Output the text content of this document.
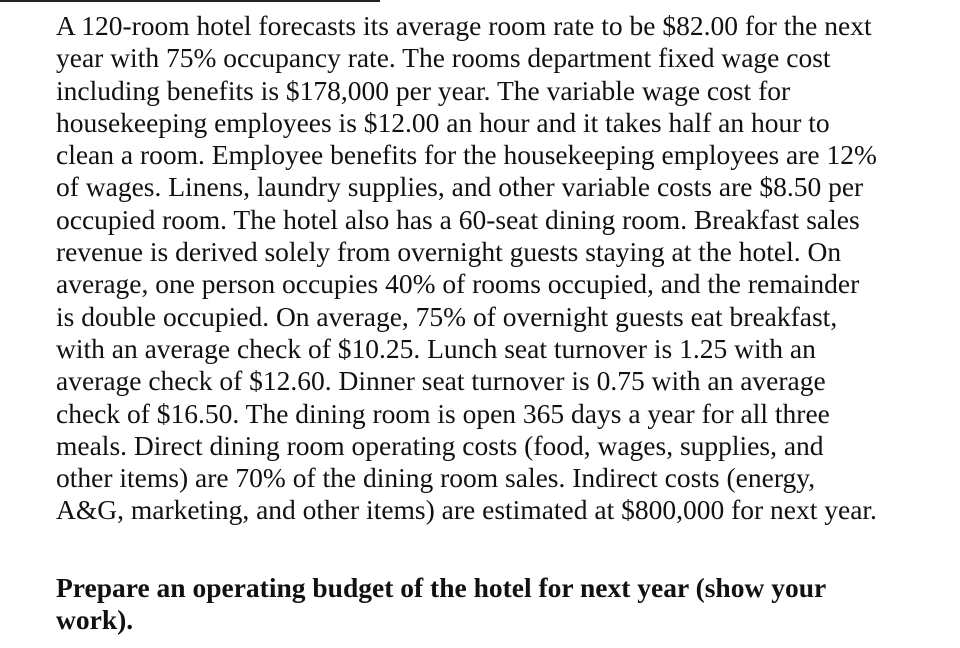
A 120-room hotel forecasts its average room rate to be $82.00 for the next
year with 75% occupancy rate. The rooms department fixed wage cost
including benefits is $178,000 per year. The variable wage cost for
housekeeping employees is $12.00 an hour and it takes half an hour to
clean a room. Employee benefits for the housekeeping employees are 12%
of wages. Linens, laundry supplies, and other variable costs are $8.50 per
occupied room. The hotel also has a 60-seat dining room. Breakfast sales
revenue is derived solely from overnight guests staying at the hotel. On
average, one person occupies 40% of rooms occupied, and the remainder
is double occupied. On average, 75% of overnight guests eat breakfast,
with an average check of $10.25. Lunch seat turnover is 1.25 with an
average check of $12.60. Dinner seat turnover is 0.75 with an average
check of $16.50. The dining room is open 365 days a year for all three
meals. Direct dining room operating costs (food, wages, supplies, and
other items) are 70% of the dining room sales. Indirect costs (energy,
A&G, marketing, and other items) are estimated at $800,000 for next year.
Prepare an operating budget of the hotel for next year (show your
work).
